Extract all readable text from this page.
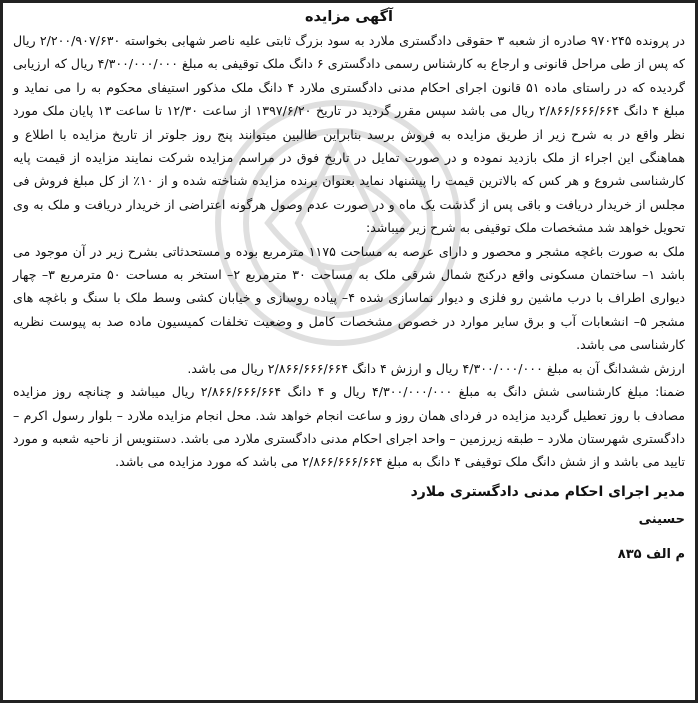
آگهی مزایده

در پرونده ۹۷۰۲۴۵ صادره از شعبه ۳ حقوقی دادگستری ملارد به سود بزرگ ثابتی علیه ناصر شهابی بخواسته ۲/۲۰۰/۹۰۷/۶۳۰ ریال که پس از طی مراحل قانونی و ارجاع به کارشناس رسمی دادگستری ۶ دانگ ملک توقیفی به مبلغ ۴/۳۰۰/۰۰۰/۰۰۰ ریال که ارزیابی گردیده که در راستای ماده ۵۱ قانون اجرای احکام مدنی دادگستری ملارد ۴ دانگ ملک مذکور استیفای محکوم به را می نماید و مبلغ ۴ دانگ ۲/۸۶۶/۶۶۶/۶۶۴ ریال می باشد سپس مقرر گردید در تاریخ ۱۳۹۷/۶/۲۰ از ساعت ۱۲/۳۰ تا ساعت ۱۳ پایان ملک مورد نظر واقع در به شرح زیر از طریق مزایده به فروش برسد بنابراین طالبین میتوانند پنج روز جلوتر از تاریخ مزایده با اطلاع و هماهنگی این اجراء از ملک بازدید نموده و در صورت تمایل در تاریخ فوق در مراسم مزایده شرکت نمایند مزایده از قیمت پایه کارشناسی شروع و هر کس که بالاترین قیمت را پیشنهاد نماید بعنوان برنده مزایده شناخته شده و از ۱۰٪ از کل مبلغ فروش فی مجلس از خریدار دریافت و باقی پس از گذشت یک ماه و در صورت عدم وصول هرگونه اعتراضی از خریدار دریافت و ملک به وی تحویل خواهد شد مشخصات ملک توقیفی به شرح زیر میباشد:

ملک به صورت باغچه مشجر و محصور و دارای عرصه به مساحت ۱۱۷۵ مترمربع بوده و مستحدثاتی بشرح زیر در آن موجود می باشد ۱– ساختمان مسکونی واقع درکنج شمال شرقی ملک به مساحت ۳۰ مترمربع ۲– استخر به مساحت ۵۰ مترمربع ۳– چهار دیواری اطراف با درب ماشین رو فلزی و دیوار نماسازی شده ۴– پیاده روسازی و خیابان کشی وسط ملک با سنگ و باغچه های مشجر ۵– انشعابات آب و برق سایر موارد در خصوص مشخصات کامل و وضعیت تخلفات کمیسیون ماده صد به پیوست نظریه کارشناسی می باشد.

ارزش ششدانگ آن به مبلغ ۴/۳۰۰/۰۰۰/۰۰۰ ریال و ارزش ۴ دانگ ۲/۸۶۶/۶۶۶/۶۶۴ ریال می باشد.

ضمنا: مبلغ کارشناسی شش دانگ به مبلغ ۴/۳۰۰/۰۰۰/۰۰۰ ریال و ۴ دانگ ۲/۸۶۶/۶۶۶/۶۶۴ ریال میباشد و چنانچه روز مزایده مصادف با روز تعطیل گردید مزایده در فردای همان روز و ساعت انجام خواهد شد. محل انجام مزایده ملارد – بلوار رسول اکرم – دادگستری شهرستان ملارد – طبقه زیرزمین – واحد اجرای احکام مدنی دادگستری ملارد می باشد. دستنویس از ناحیه شعبه و مورد تایید می باشد و از شش دانگ ملک توقیفی ۴ دانگ به مبلغ ۲/۸۶۶/۶۶۶/۶۶۴ می باشد که مورد مزایده می باشد.

مدیر اجرای احکام مدنی دادگستری ملارد

حسینی

م الف ۸۳۵
